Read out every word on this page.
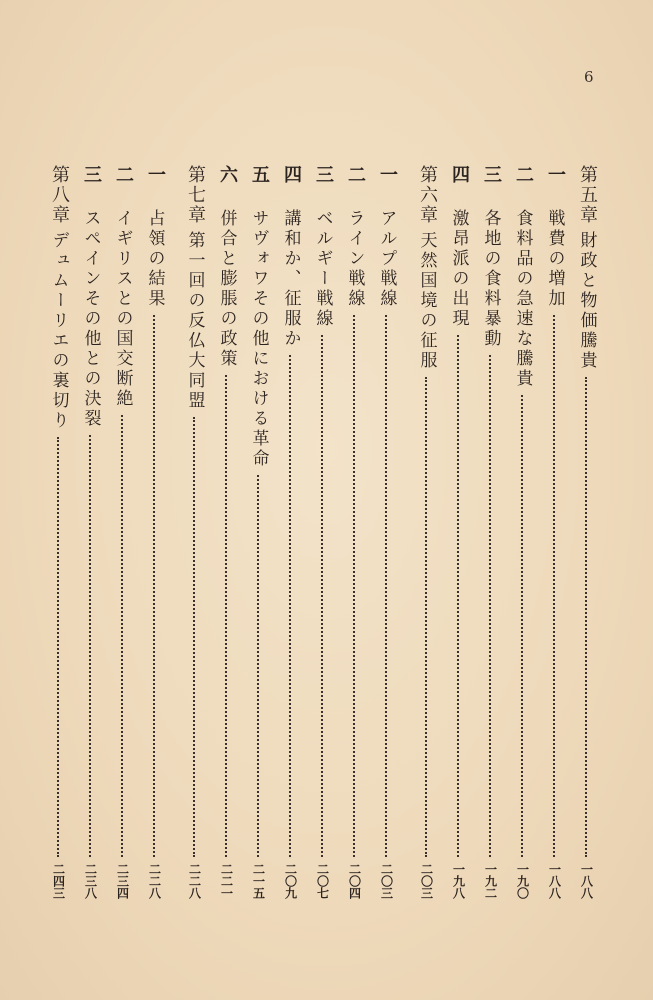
6
第五章
財政と物価騰貴
一八八
一
戦費の増加
一八八
二
食料品の急速な騰貴
一九〇
三
各地の食料暴動
一九二
四
激昂派の出現
一九八
第六章
天然国境の征服
二〇三
一
アルプ戦線
二〇三
二
ライン戦線
二〇四
三
ベルギー戦線
二〇七
四
講和か、征服か
二〇九
五
サヴォワその他における革命
二一五
六
併合と膨脹の政策
二二一
第七章
第一回の反仏大同盟
二二八
一
占領の結果
二二八
二
イギリスとの国交断絶
二三四
三
スペインその他との決裂
二三八
第八章
デュムーリエの裏切り
二四三
